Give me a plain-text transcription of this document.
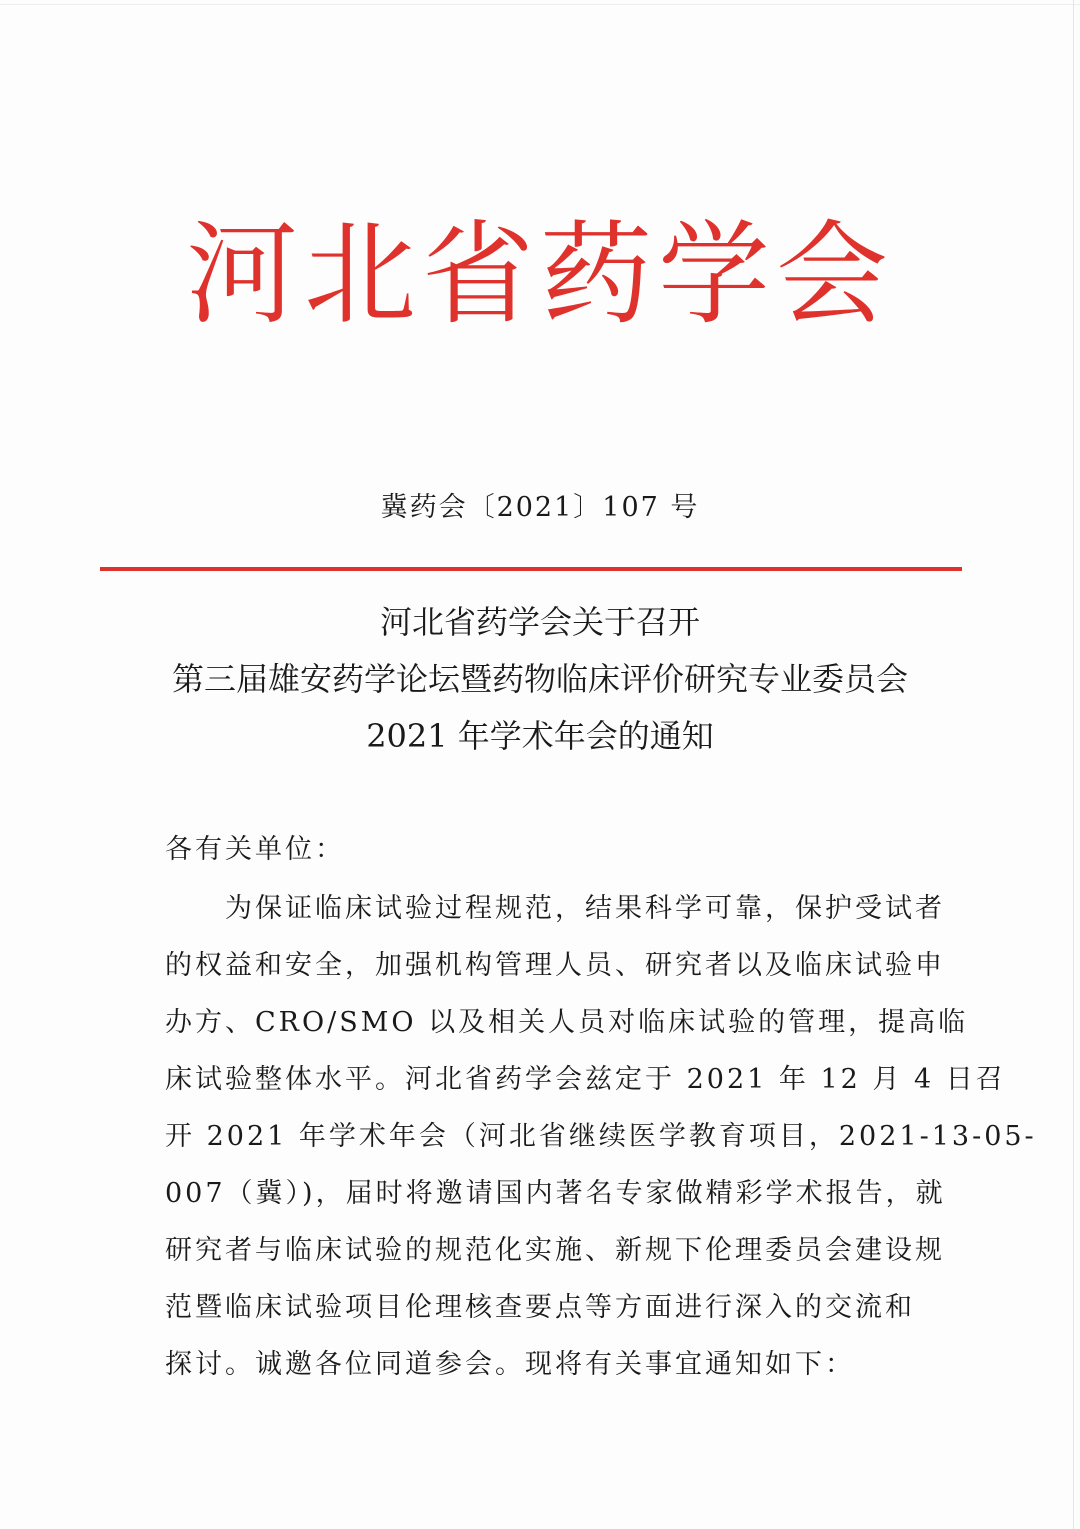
河北省药学会
冀药会〔2021〕107 号
河北省药学会关于召开
第三届雄安药学论坛暨药物临床评价研究专业委员会
2021 年学术年会的通知
各有关单位：
　　为保证临床试验过程规范，结果科学可靠，保护受试者
的权益和安全，加强机构管理人员、研究者以及临床试验申
办方、CRO/SMO 以及相关人员对临床试验的管理，提高临
床试验整体水平。河北省药学会兹定于 2021 年 12 月 4 日召
开 2021 年学术年会（河北省继续医学教育项目，2021-13-05-
007（冀）)，届时将邀请国内著名专家做精彩学术报告，就
研究者与临床试验的规范化实施、新规下伦理委员会建设规
范暨临床试验项目伦理核查要点等方面进行深入的交流和
探讨。诚邀各位同道参会。现将有关事宜通知如下：
